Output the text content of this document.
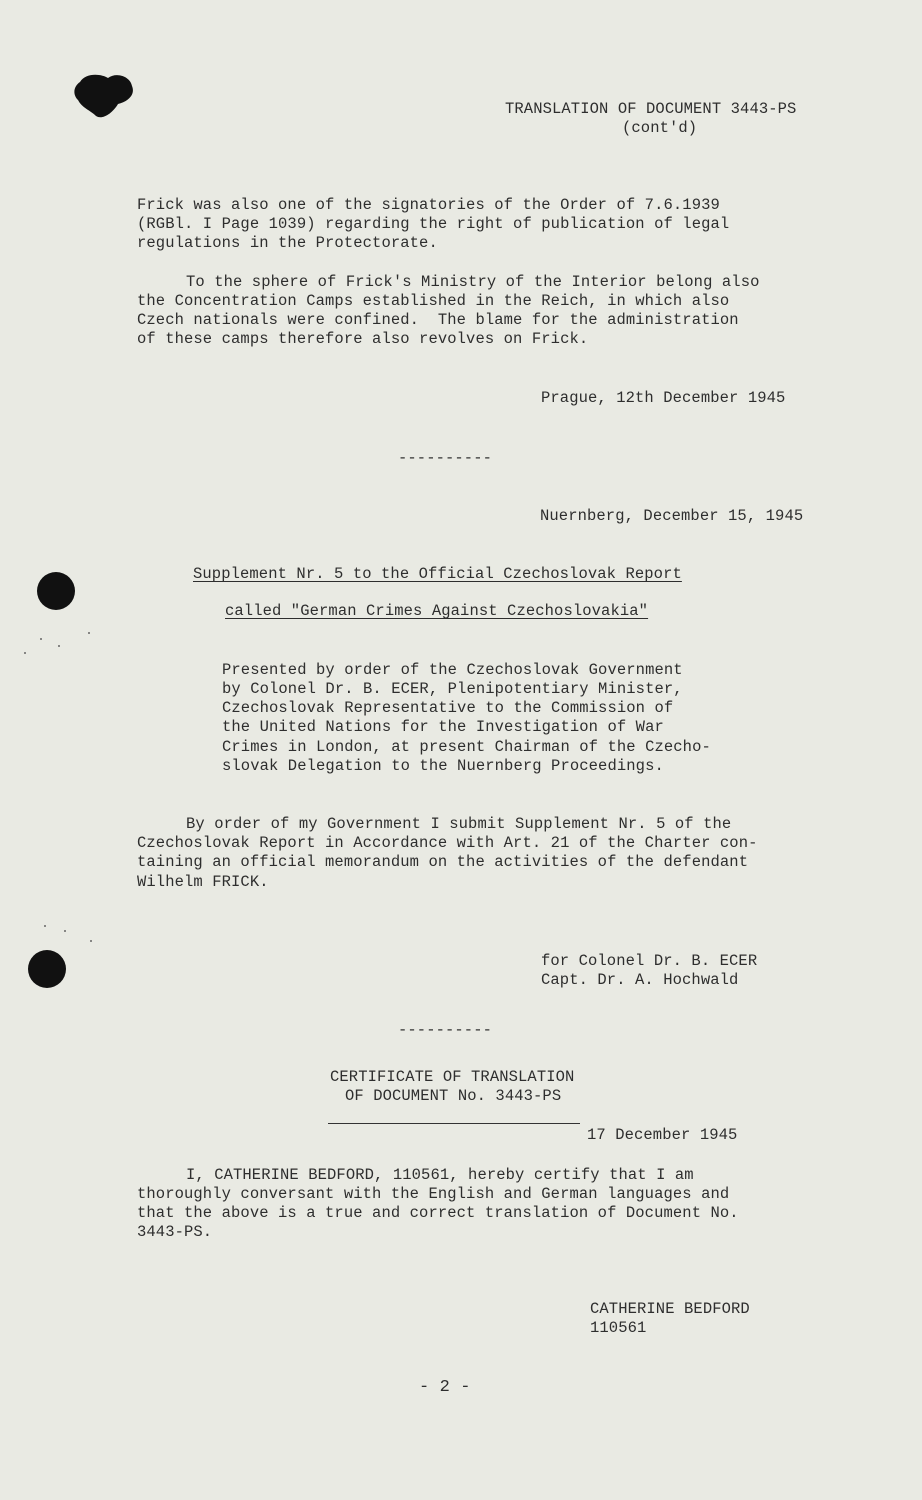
TRANSLATION OF DOCUMENT 3443-PS
(cont'd)
Frick was also one of the signatories of the Order of 7.6.1939
(RGBl. I Page 1039) regarding the right of publication of legal
regulations in the Protectorate.
To the sphere of Frick's Ministry of the Interior belong also
the Concentration Camps established in the Reich, in which also
Czech nationals were confined.  The blame for the administration
of these camps therefore also revolves on Frick.
Prague, 12th December 1945
----------
Nuernberg, December 15, 1945
Supplement Nr. 5 to the Official Czechoslovak Report
called "German Crimes Against Czechoslovakia"
Presented by order of the Czechoslovak Government
by Colonel Dr. B. ECER, Plenipotentiary Minister,
Czechoslovak Representative to the Commission of
the United Nations for the Investigation of War
Crimes in London, at present Chairman of the Czecho-
slovak Delegation to the Nuernberg Proceedings.
By order of my Government I submit Supplement Nr. 5 of the
Czechoslovak Report in Accordance with Art. 21 of the Charter con-
taining an official memorandum on the activities of the defendant
Wilhelm FRICK.
for Colonel Dr. B. ECER
Capt. Dr. A. Hochwald
----------
CERTIFICATE OF TRANSLATION
OF DOCUMENT No. 3443-PS
17 December 1945
I, CATHERINE BEDFORD, 110561, hereby certify that I am
thoroughly conversant with the English and German languages and
that the above is a true and correct translation of Document No.
3443-PS.
CATHERINE BEDFORD
110561
- 2 -
